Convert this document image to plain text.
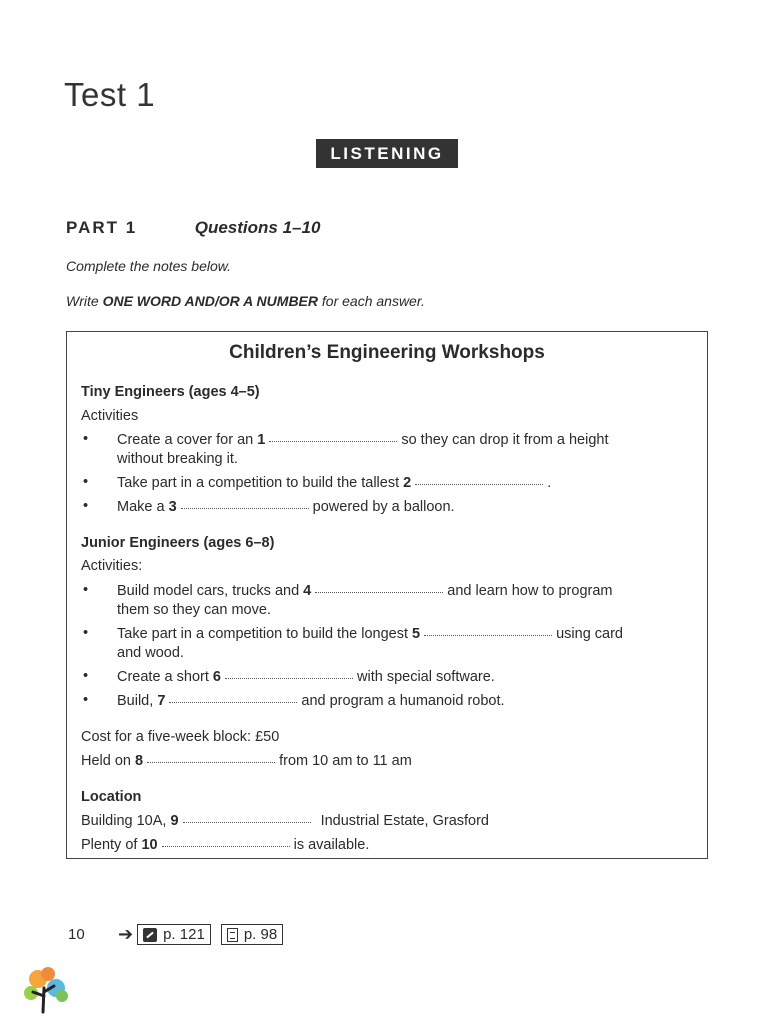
Test 1
LISTENING
PART 1	Questions 1–10
Complete the notes below.
Write ONE WORD AND/OR A NUMBER for each answer.
Children’s Engineering Workshops
Tiny Engineers (ages 4–5)
Activities
• Create a cover for an 1	so they can drop it from a height
without breaking it.
• Take part in a competition to build the tallest 2	.
• Make a 3	powered by a balloon.
Junior Engineers (ages 6–8)
Activities:
• Build model cars, trucks and 4	and learn how to program
them so they can move.
• Take part in a competition to build the longest 5	using card
and wood.
• Create a short 6	with special software.
• Build, 7	and program a humanoid robot.
Cost for a five-week block: £50
Held on 8	from 10 am to 11 am
Location
Building 10A, 9	Industrial Estate, Grasford
Plenty of 10	is available.
10	➔ p. 121	p. 98
